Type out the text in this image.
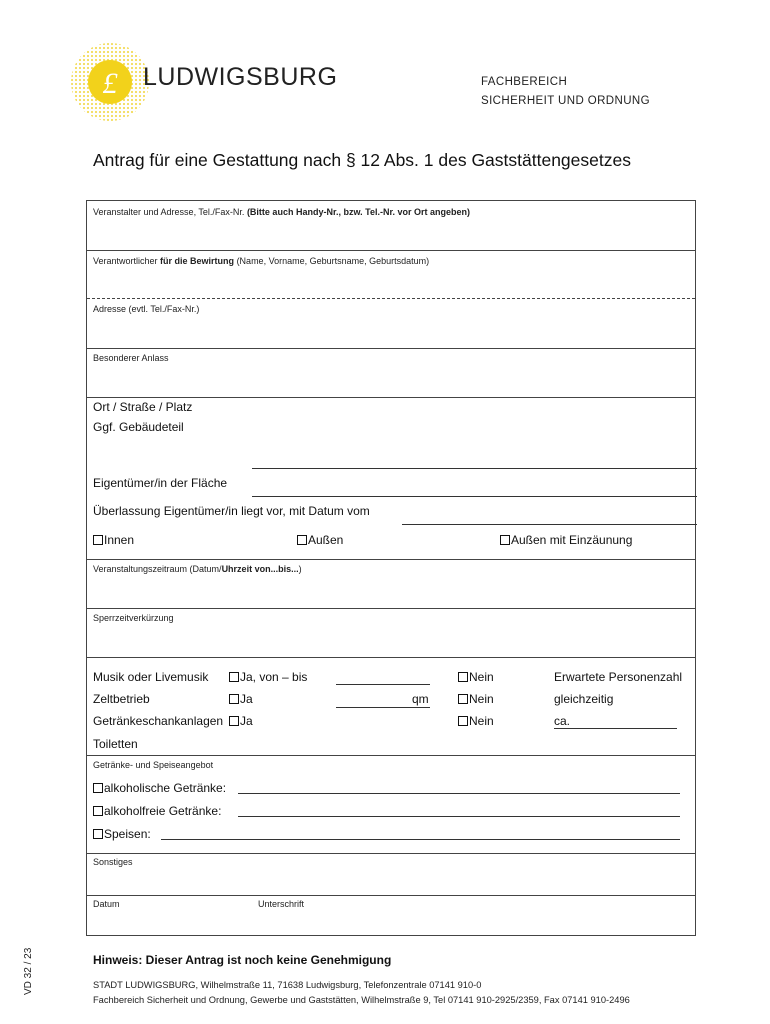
£ LUDWIGSBURG	FACHBEREICH
SICHERHEIT UND ORDNUNG
Antrag für eine Gestattung nach § 12 Abs. 1 des Gaststättengesetzes
Veranstalter und Adresse, Tel./Fax-Nr. (Bitte auch Handy-Nr., bzw. Tel.-Nr. vor Ort angeben)
Verantwortlicher für die Bewirtung (Name, Vorname, Geburtsname, Geburtsdatum)
Adresse (evtl. Tel./Fax-Nr.)
Besonderer Anlass
Ort / Straße / Platz
Ggf. Gebäudeteil
Eigentümer/in der Fläche
Überlassung Eigentümer/in liegt vor, mit Datum vom
Innen	Außen	Außen mit Einzäunung
Veranstaltungszeitraum (Datum/Uhrzeit von...bis...)
Sperrzeitverkürzung
Musik oder Livemusik	Ja, von – bis	Nein	Erwartete Personenzahl
Zeltbetrieb	Ja	qm	Nein	gleichzeitig
Getränkeschankanlagen	Ja	Nein	ca.
Toiletten
Getränke- und Speiseangebot
alkoholische Getränke:
alkoholfreie Getränke:
Speisen:
Sonstiges
Datum	Unterschrift
VD 32 / 23	Hinweis: Dieser Antrag ist noch keine Genehmigung
STADT LUDWIGSBURG, Wilhelmstraße 11, 71638 Ludwigsburg, Telefonzentrale 07141 910-0
Fachbereich Sicherheit und Ordnung, Gewerbe und Gaststätten, Wilhelmstraße 9, Tel 07141 910-2925/2359, Fax 07141 910-2496
